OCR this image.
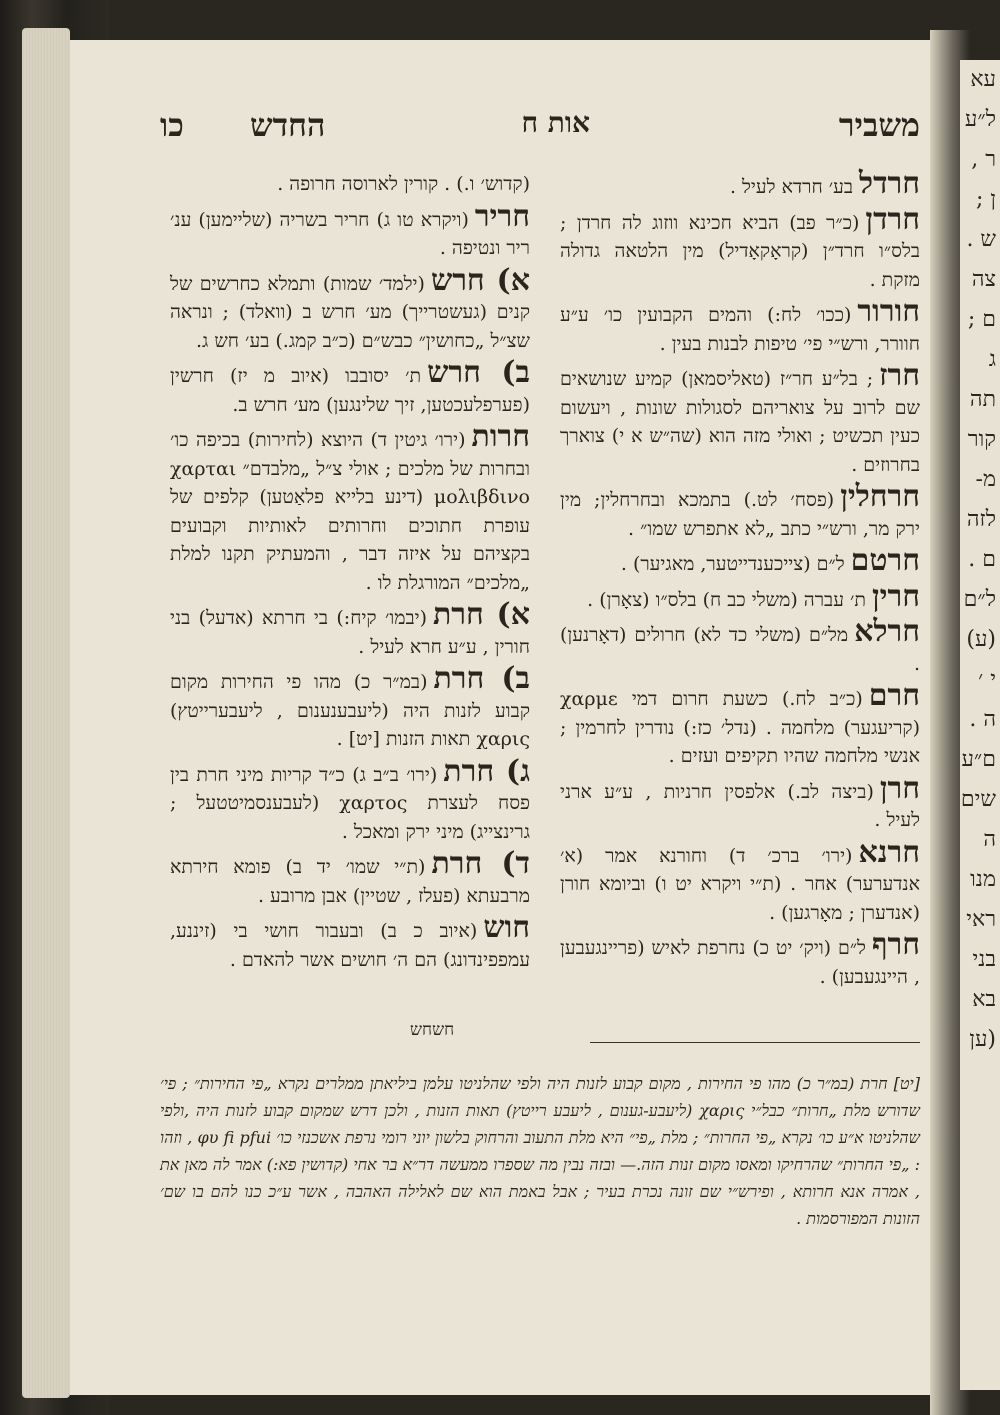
עא
ל״ע
ר ,
ן ;
ש .
צה
ם ;
ג
תה
קור
מ-
לזה
ם .
ל״ם
(ע)
י ׳
ה .
ם״ע
שים
ה
מנו
ראי
בני
בא
(ען
משביר
אות ח
החדש
כו
חרדלבע׳ חרדא לעיל .
חרדן(כ״ר פב) הביא חכינא ווזוג לה חרדן ; בלס״ו חרד״ן (קראָקאָדיל) מין הלטאה גדולה מזקת .
חורור(ככו׳ לח:) והמים הקבועין כו׳ ע״ע חוורר, ורש״י פי׳ טיפות לבנות בעין .
חרז; בל״ע חר״ז (טאליסמאן) קמיע שנושאים שם לרוב על צואריהם לסגולות שונות , ויעשום כעין תכשיט ; ואולי מזה הוא (שה״ש א י) צוארך בחרוזים .
חרחלין(פסח׳ לט.) בתמכא ובחרחלין; מין ירק מר, ורש״י כתב „לא אתפרש שמו״ .
חרטםל״ם (צייכענדייטער, מאגיער) .
חריןת׳ עברה (משלי כב ח) בלס״ו (צאָרן) .
חרלאמל״ם (משלי כד לא) חרולים (דאָרנען) .
חרם(כ״ב לח.) כשעת חרום דמי χαρμε (קריעגער) מלחמה . (נדל׳ כז:) נודרין לחרמין ; אנשי מלחמה שהיו תקיפים ועזים .
חרן(ביצה לב.) אלפסין חרניות , ע״ע ארני לעיל .
חרנא(ירו׳ ברכ׳ ד) וחורנא אמר (א׳ אנדערער) אחר . (ת״י ויקרא יט ו) וביומא חורן (אנדערן ; מאָרגען) .
חרףל״ם (ויק׳ יט כ) נחרפת לאיש (פריינגעבען , היינגעבען) .
(קדוש׳ ו.) . קורין לארוסה חרופה .
חריר(ויקרא טו ג) חריר בשריה (שליימען) ענ׳ ריר ונטיפה .
א) חרש(ילמד׳ שמות) ותמלא כחרשים של קנים (געשטרייך) מע׳ חרש ב (וואלד) ; ונראה שצ״ל „כחושין״ כבש״ם (כ״ב קמג.) בע׳ חש ג.
ב) חרשת׳ יסובבו (איוב מ יז) חרשין (פערפלעכטען, זיך שלינגען) מע׳ חרש ב.
חרות(ירו׳ גיטין ד) היוצא (לחירות) בכיפה כו׳ ובחרות של מלכים ; אולי צ״ל „מלבדם״ χαρται μολιβδινο (דינע בלייא פלאַטען) קלפים של עופרת חתוכים וחרותים לאותיות וקבועים בקציהם על איזה דבר , והמעתיק תקנו למלת „מלכים״ המורגלת לו .
א) חרת(יבמו׳ קיח:) בי חרתא (אדעל) בני חורין , ע״ע חרא לעיל .
ב) חרת(במ״ר כ) מהו פי החירות מקום קבוע לזנות היה (ליעבענענום , ליעבערייטץ) χαρις תאות הזנות [יט] .
ג) חרת(ירו׳ ב״ב ג) כ״ד קריות מיני חרת בין פסח לעצרת χαρτος (לעבענסמיטטעל ; גרינצייג) מיני ירק ומאכל .
ד) חרת(ת״י שמו׳ יד ב) פומא חירתא מרבעתא (פעלז , שטיין) אבן מרובע .
חוש(איוב כ ב) ובעבור חושי בי (זיננע, עמפפינדונג) הם ה׳ חושים אשר להאדם .
חשחש
[יט] חרת (במ״ר כ) מהו פי החירות , מקום קבוע לזנות היה ולפי שהלניטו עלמן ביליאתן ממלרים נקרא „פי החירות״ ; פי׳ שדורש מלת „חרות״ כבל״י χαρις (ליעבע-גענום , ליעבע רייטץ) תאות הזנות , ולכן דרש שמקום קבוע לזנות היה ,ולפי שהלניטו א״ע כו׳ נקרא „פי החרות״ ; מלת „פי״ היא מלת התעוב והרחוק בלשון יוני רומי נרפת אשכנזי כו׳ φυ fi pfui , וזהו : „פי החרות״ שהרחיקו ומאסו מקום זנות הזה.— ובזה נבין מה שספרו ממעשה דר״א בר אחי (קדושין פא:) אמר לה מאן את , אמרה אנא חרותא , ופירש״י שם זונה נכרת בעיר ; אבל באמת הוא שם לאלילה האהבה , אשר ע״כ כנו להם בו שם׳ הזונות המפורסמות .
